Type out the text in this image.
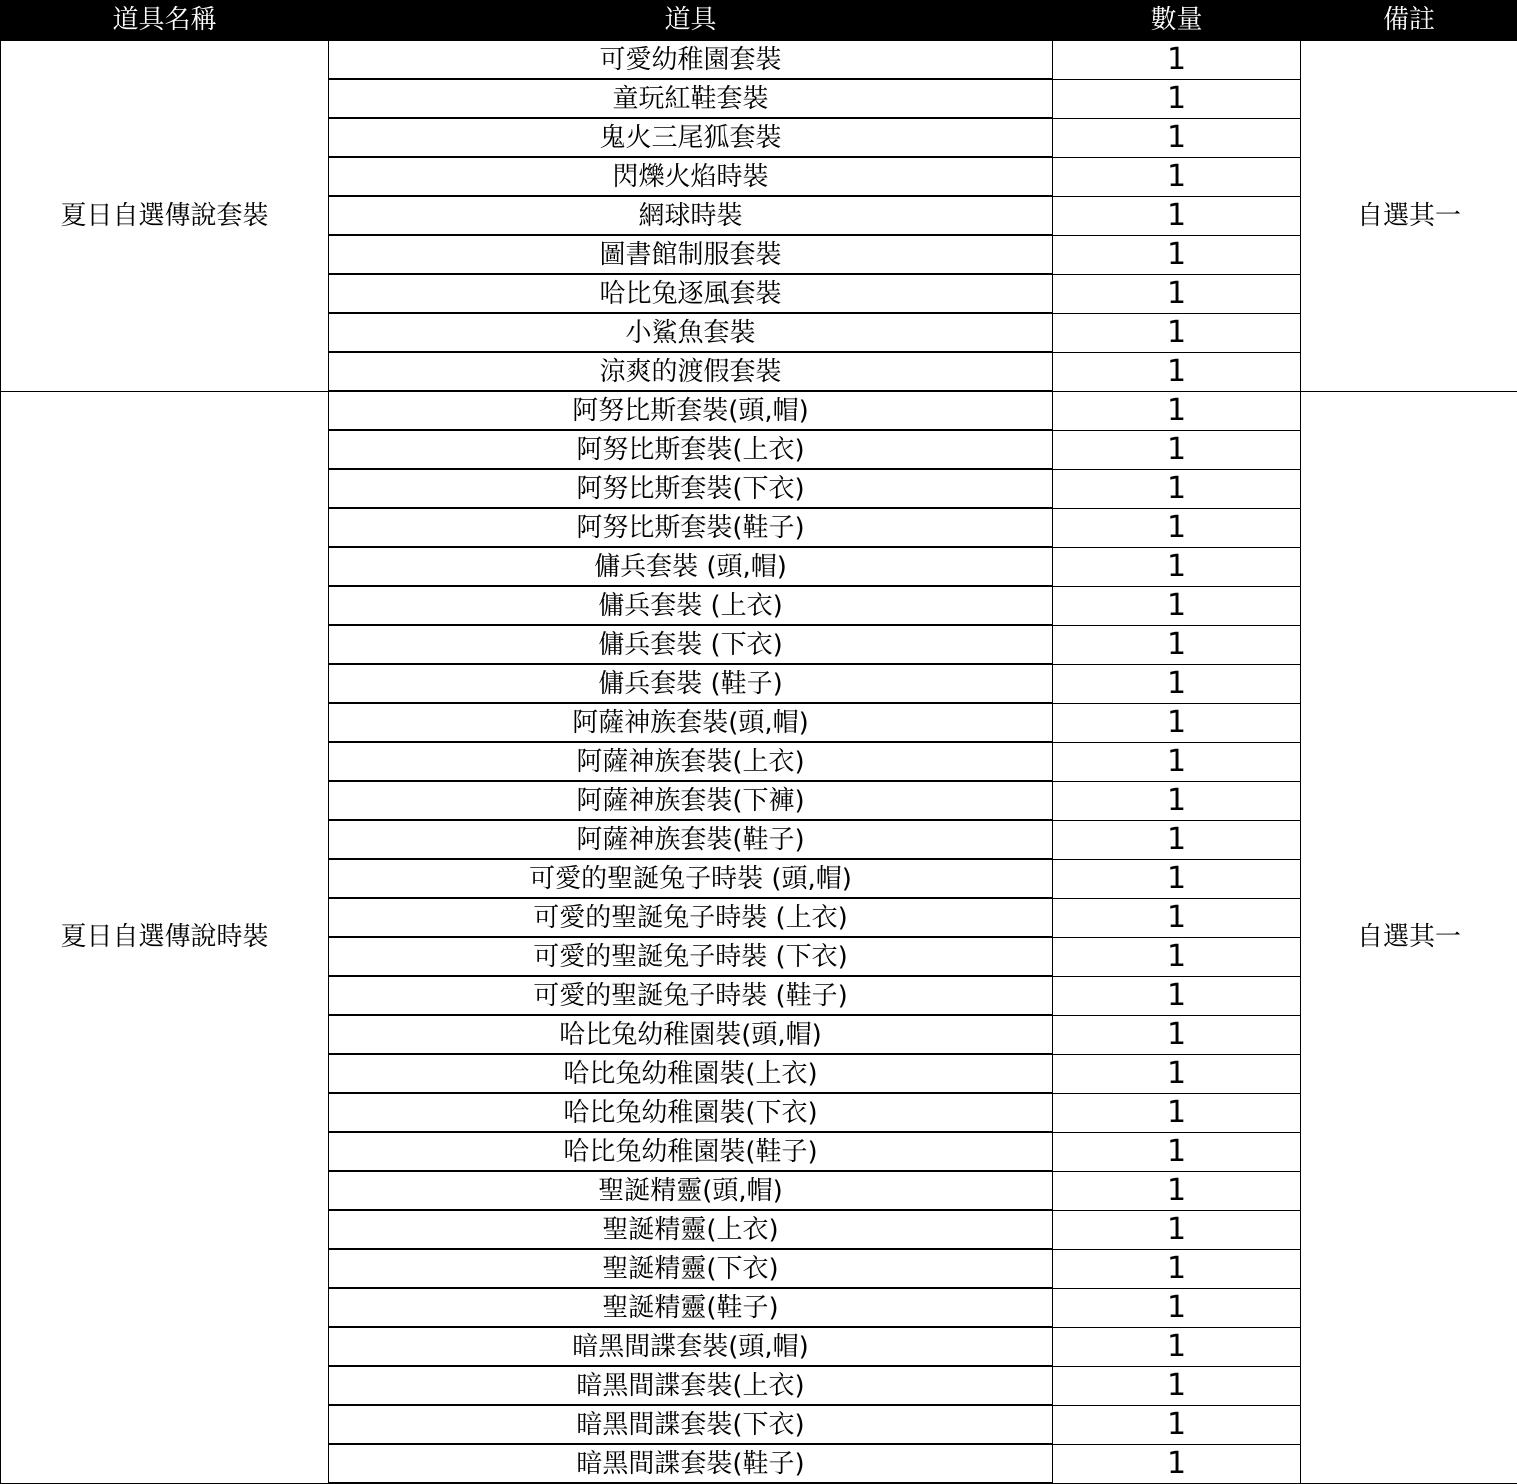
道具名稱	道具	數量	備註
夏日自選傳說套裝	可愛幼稚園套裝	1	自選其一
	童玩紅鞋套裝	1	
	鬼火三尾狐套裝	1	
	閃爍火焰時裝	1	
	網球時裝	1	
	圖書館制服套裝	1	
	哈比兔逐風套裝	1	
	小鯊魚套裝	1	
	涼爽的渡假套裝	1	
夏日自選傳說時裝	阿努比斯套裝(頭,帽)	1	自選其一
	阿努比斯套裝(上衣)	1	
	阿努比斯套裝(下衣)	1	
	阿努比斯套裝(鞋子)	1	
	傭兵套裝 (頭,帽)	1	
	傭兵套裝 (上衣)	1	
	傭兵套裝 (下衣)	1	
	傭兵套裝 (鞋子)	1	
	阿薩神族套裝(頭,帽)	1	
	阿薩神族套裝(上衣)	1	
	阿薩神族套裝(下褲)	1	
	阿薩神族套裝(鞋子)	1	
	可愛的聖誕兔子時裝 (頭,帽)	1	
	可愛的聖誕兔子時裝 (上衣)	1	
	可愛的聖誕兔子時裝 (下衣)	1	
	可愛的聖誕兔子時裝 (鞋子)	1	
	哈比兔幼稚園裝(頭,帽)	1	
	哈比兔幼稚園裝(上衣)	1	
	哈比兔幼稚園裝(下衣)	1	
	哈比兔幼稚園裝(鞋子)	1	
	聖誕精靈(頭,帽)	1	
	聖誕精靈(上衣)	1	
	聖誕精靈(下衣)	1	
	聖誕精靈(鞋子)	1	
	暗黑間諜套裝(頭,帽)	1	
	暗黑間諜套裝(上衣)	1	
	暗黑間諜套裝(下衣)	1	
	暗黑間諜套裝(鞋子)	1	
